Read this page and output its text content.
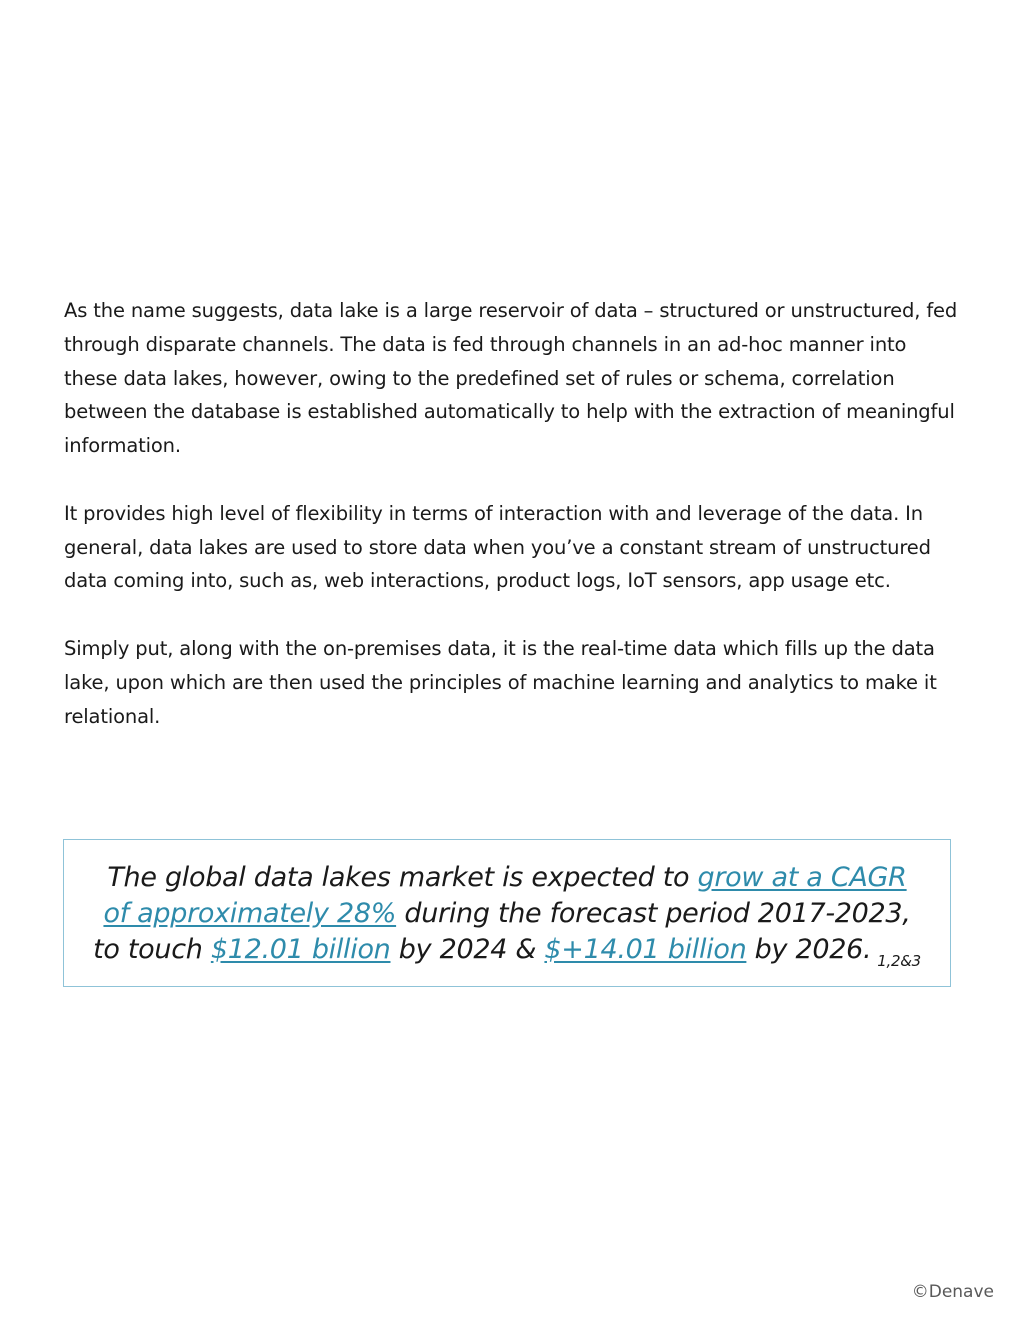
As the name suggests, data lake is a large reservoir of data – structured or unstructured, fed through disparate channels. The data is fed through channels in an ad-hoc manner into these data lakes, however, owing to the predefined set of rules or schema, correlation between the database is established automatically to help with the extraction of meaningful information.

It provides high level of flexibility in terms of interaction with and leverage of the data. In general, data lakes are used to store data when you’ve a constant stream of unstructured data coming into, such as, web interactions, product logs, IoT sensors, app usage etc.

Simply put, along with the on-premises data, it is the real-time data which fills up the data lake, upon which are then used the principles of machine learning and analytics to make it relational.

The global data lakes market is expected to grow at a CAGR of approximately 28% during the forecast period 2017-2023, to touch $12.01 billion by 2024 & $+14.01 billion by 2026. $_{1,2\&3}$

©Denave
